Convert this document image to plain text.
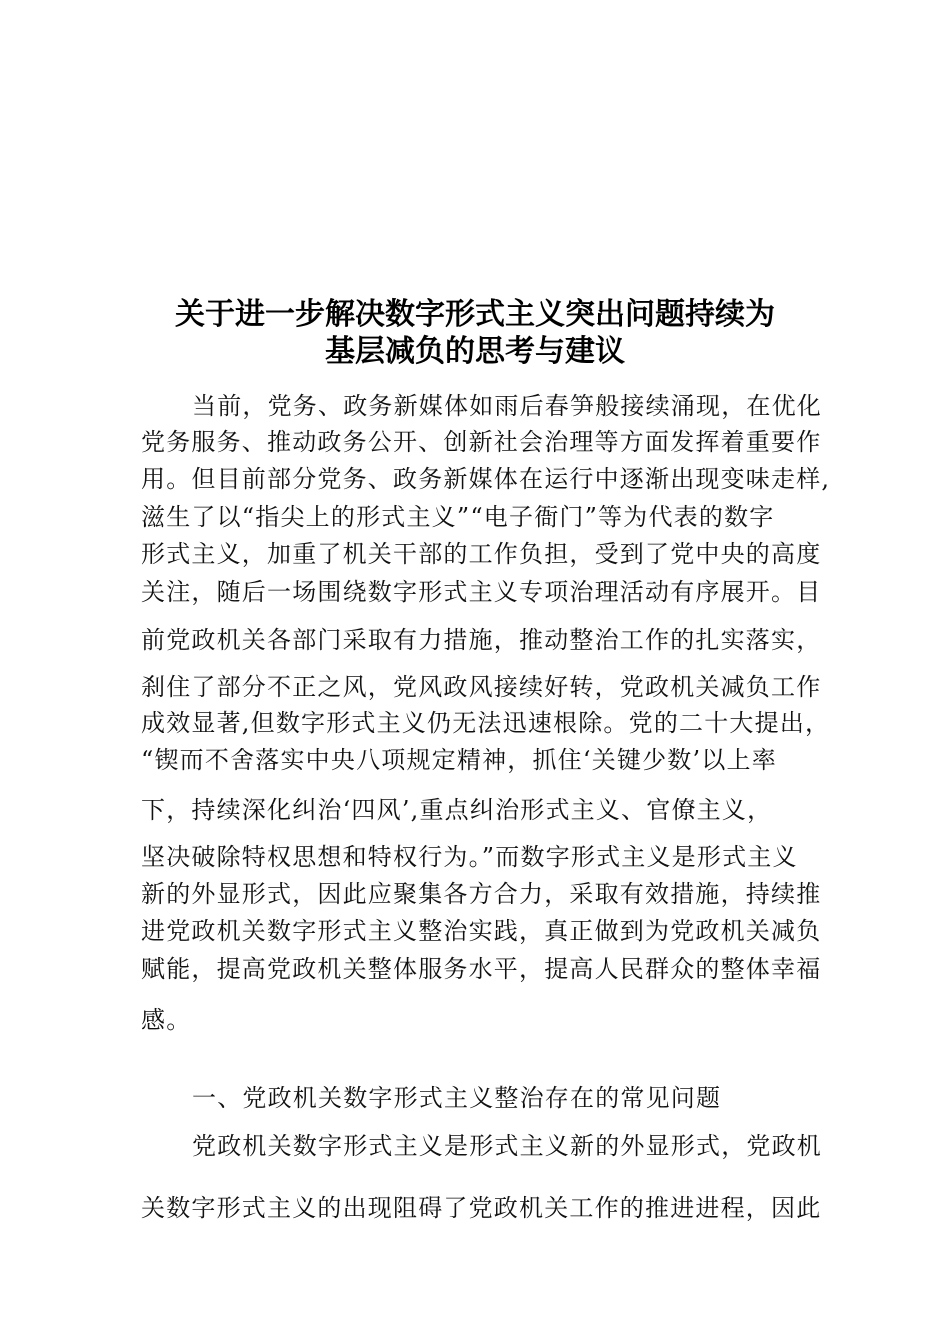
关于进一步解决数字形式主义突出问题持续为
基层减负的思考与建议
当前，党务、政务新媒体如雨后春笋般接续涌现，在优化
党务服务、推动政务公开、创新社会治理等方面发挥着重要作
用。但目前部分党务、政务新媒体在运行中逐渐出现变味走样,
滋生了以“指尖上的形式主义”“电子衙门”等为代表的数字
形式主义，加重了机关干部的工作负担，受到了党中央的高度
关注，随后一场围绕数字形式主义专项治理活动有序展开。目
前党政机关各部门采取有力措施，推动整治工作的扎实落实，
刹住了部分不正之风，党风政风接续好转，党政机关减负工作
成效显著,但数字形式主义仍无法迅速根除。党的二十大提出，
“锲而不舍落实中央八项规定精神，抓住‘关键少数’以上率
下，持续深化纠治‘四风’,重点纠治形式主义、官僚主义，
坚决破除特权思想和特权行为。”而数字形式主义是形式主义
新的外显形式，因此应聚集各方合力，采取有效措施，持续推
进党政机关数字形式主义整治实践，真正做到为党政机关减负
赋能，提高党政机关整体服务水平，提高人民群众的整体幸福
感。
一、党政机关数字形式主义整治存在的常见问题
党政机关数字形式主义是形式主义新的外显形式，党政机
关数字形式主义的出现阻碍了党政机关工作的推进进程，因此
